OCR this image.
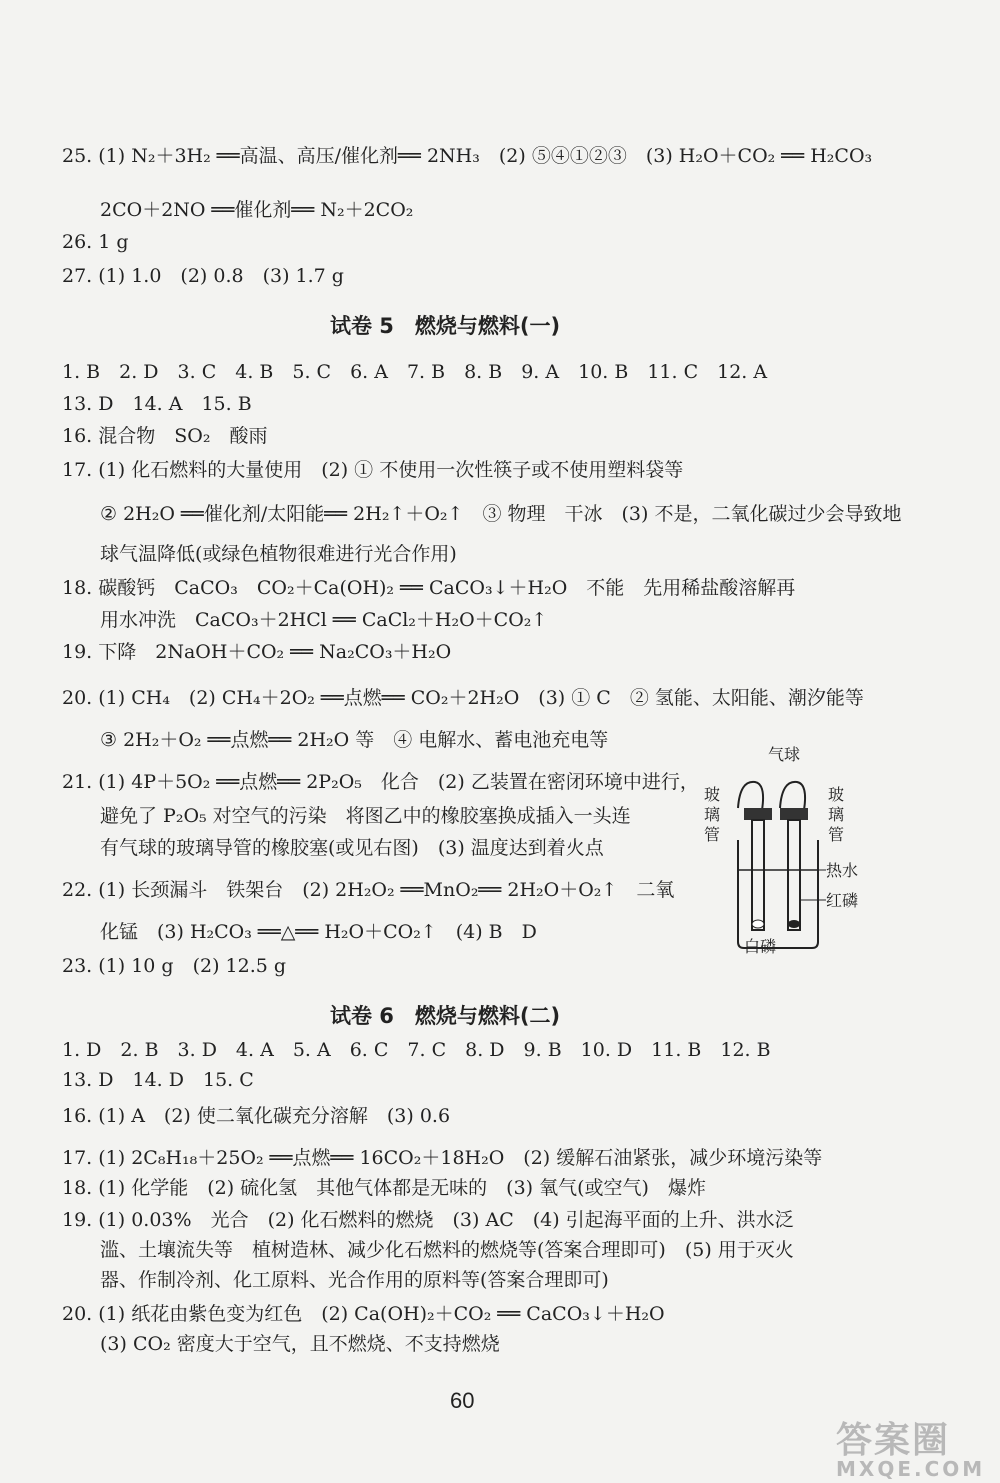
25. (1) N₂＋3H₂ ══高温、高压/催化剂══ 2NH₃　(2) ⑤④①②③　(3) H₂O＋CO₂ ══ H₂CO₃
2CO＋2NO ══催化剂══ N₂＋2CO₂
26. 1 g
27. (1) 1.0　(2) 0.8　(3) 1.7 g
试卷 5　燃烧与燃料(一)
1. B　2. D　3. C　4. B　5. C　6. A　7. B　8. B　9. A　10. B　11. C　12. A
13. D　14. A　15. B
16. 混合物　SO₂　酸雨
17. (1) 化石燃料的大量使用　(2) ① 不使用一次性筷子或不使用塑料袋等
② 2H₂O ══催化剂/太阳能══ 2H₂↑＋O₂↑　③ 物理　干冰　(3) 不是，二氧化碳过少会导致地
球气温降低(或绿色植物很难进行光合作用)
18. 碳酸钙　CaCO₃　CO₂＋Ca(OH)₂ ══ CaCO₃↓＋H₂O　不能　先用稀盐酸溶解再
用水冲洗　CaCO₃＋2HCl ══ CaCl₂＋H₂O＋CO₂↑
19. 下降　2NaOH＋CO₂ ══ Na₂CO₃＋H₂O
20. (1) CH₄　(2) CH₄＋2O₂ ══点燃══ CO₂＋2H₂O　(3) ① C　② 氢能、太阳能、潮汐能等
③ 2H₂＋O₂ ══点燃══ 2H₂O 等　④ 电解水、蓄电池充电等
21. (1) 4P＋5O₂ ══点燃══ 2P₂O₅　化合　(2) 乙装置在密闭环境中进行，
避免了 P₂O₅ 对空气的污染　将图乙中的橡胶塞换成插入一头连
有气球的玻璃导管的橡胶塞(或见右图)　(3) 温度达到着火点
22. (1) 长颈漏斗　铁架台　(2) 2H₂O₂ ══MnO₂══ 2H₂O＋O₂↑　二氧
化锰　(3) H₂CO₃ ══△══ H₂O＋CO₂↑　(4) B　D
23. (1) 10 g　(2) 12.5 g
气球
玻璃管
玻璃管
热水
红磷
白磷
试卷 6　燃烧与燃料(二)
1. D　2. B　3. D　4. A　5. A　6. C　7. C　8. D　9. B　10. D　11. B　12. B
13. D　14. D　15. C
16. (1) A　(2) 使二氧化碳充分溶解　(3) 0.6
17. (1) 2C₈H₁₈＋25O₂ ══点燃══ 16CO₂＋18H₂O　(2) 缓解石油紧张，减少环境污染等
18. (1) 化学能　(2) 硫化氢　其他气体都是无味的　(3) 氧气(或空气)　爆炸
19. (1) 0.03%　光合　(2) 化石燃料的燃烧　(3) AC　(4) 引起海平面的上升、洪水泛
滥、土壤流失等　植树造林、减少化石燃料的燃烧等(答案合理即可)　(5) 用于灭火
器、作制冷剂、化工原料、光合作用的原料等(答案合理即可)
20. (1) 纸花由紫色变为红色　(2) Ca(OH)₂＋CO₂ ══ CaCO₃↓＋H₂O
(3) CO₂ 密度大于空气，且不燃烧、不支持燃烧
60
答案圈
MXQE.COM
